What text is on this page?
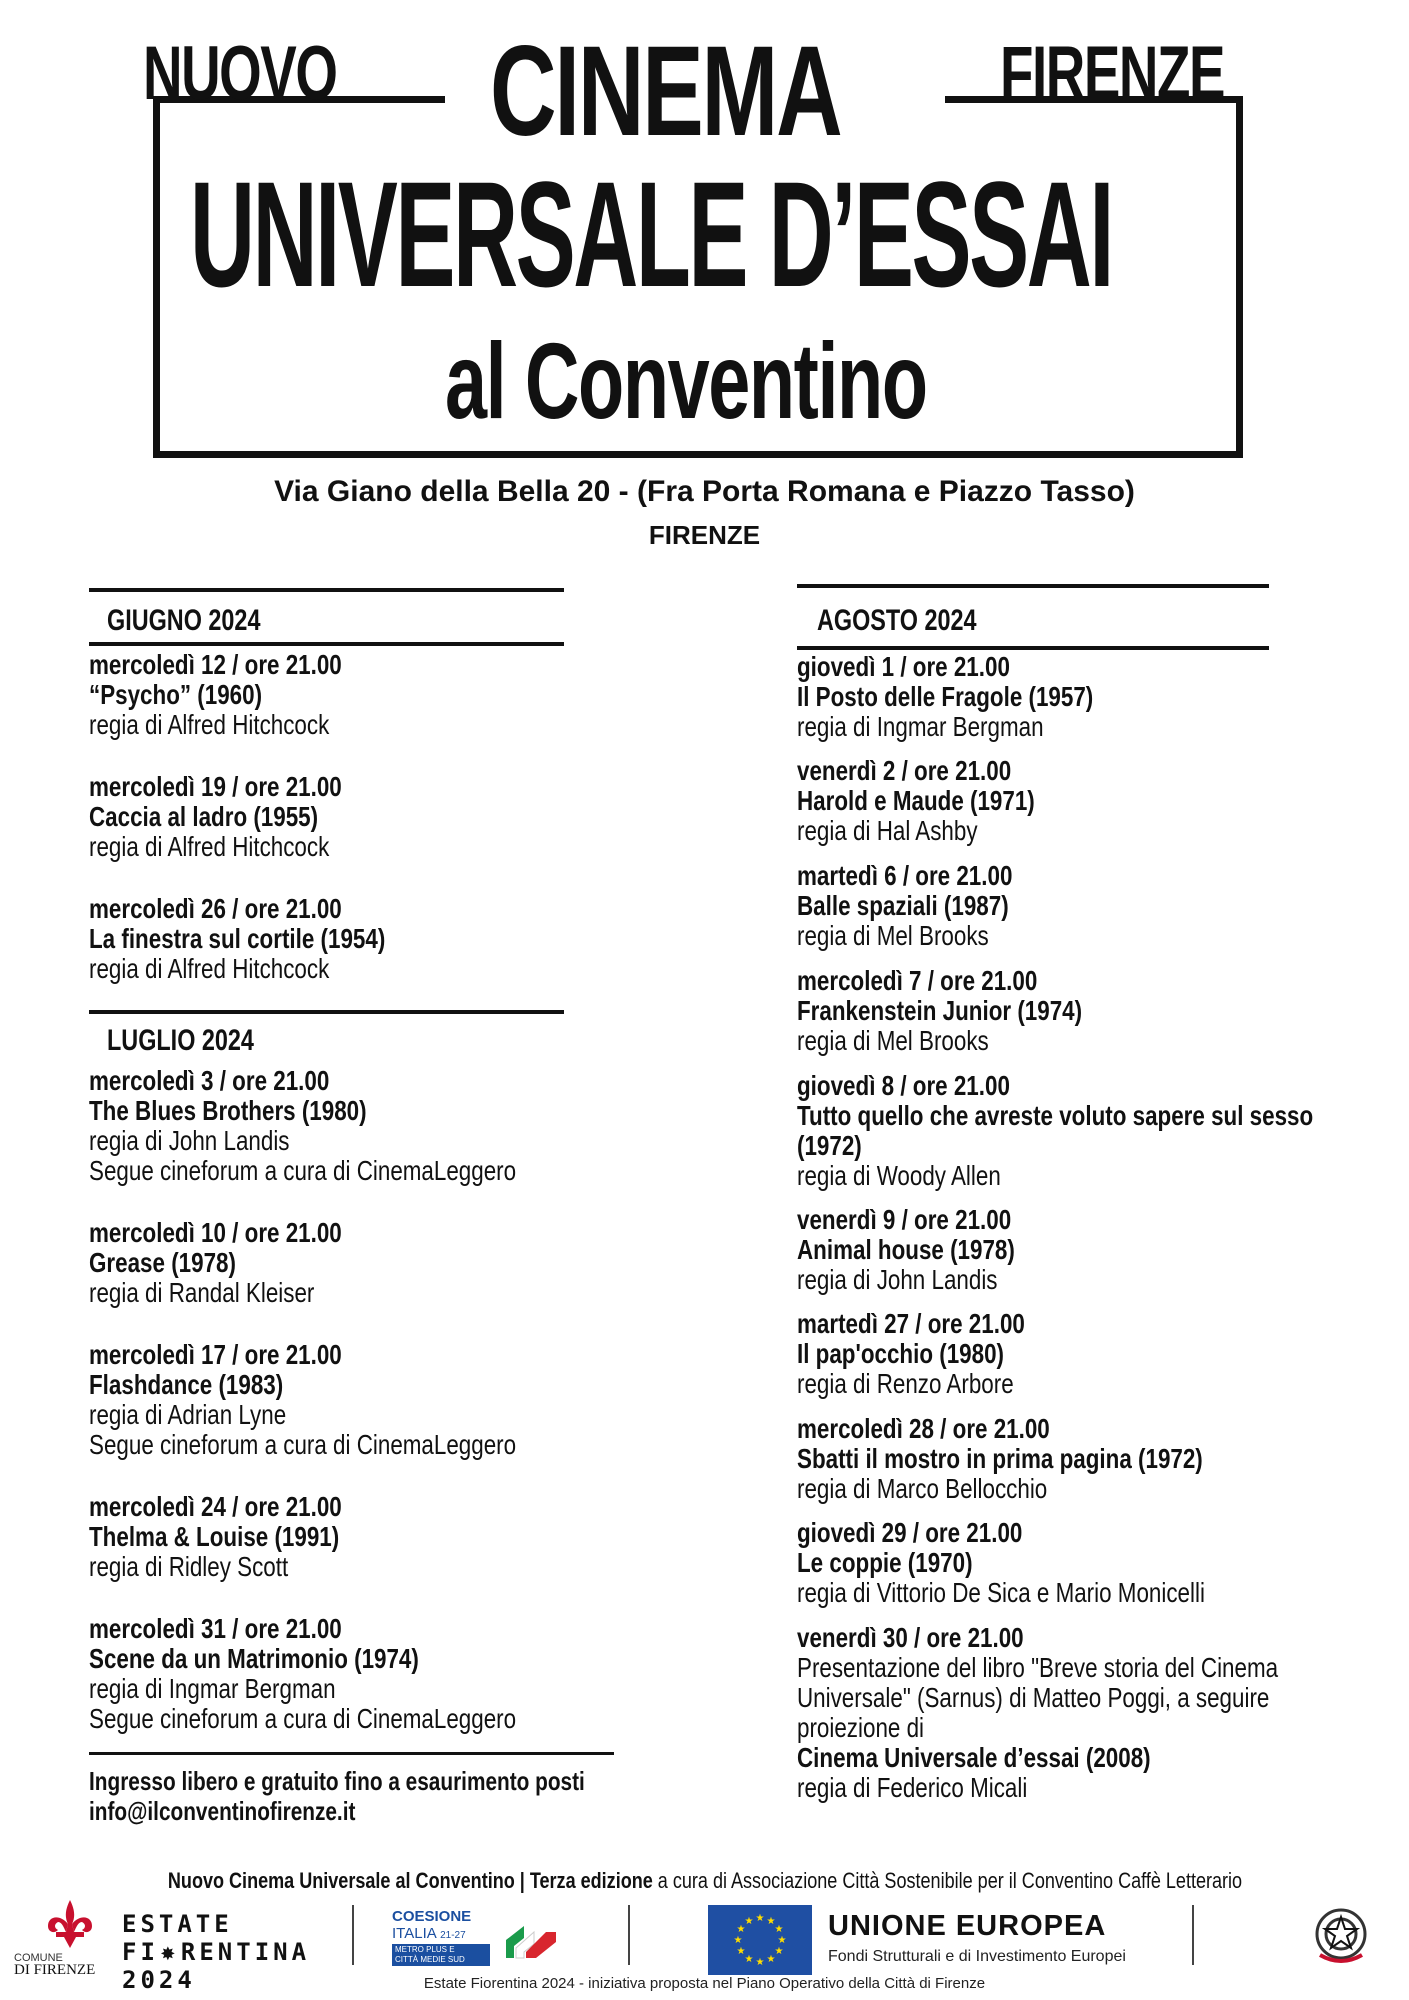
NUOVO	FIRENZE
CINEMA
UNIVERSALE D’ESSAI
al Conventino
Via Giano della Bella 20 - (Fra Porta Romana e Piazzo Tasso)
FIRENZE
GIUGNO 2024
mercoledì 12 / ore 21.00
“Psycho” (1960)
regia di Alfred Hitchcock
mercoledì 19 / ore 21.00
Caccia al ladro (1955)
regia di Alfred Hitchcock
mercoledì 26 / ore 21.00
La finestra sul cortile (1954)
regia di Alfred Hitchcock
LUGLIO 2024
mercoledì 3 / ore 21.00
The Blues Brothers (1980)
regia di John Landis
Segue cineforum a cura di CinemaLeggero
mercoledì 10 / ore 21.00
Grease (1978)
regia di Randal Kleiser
mercoledì 17 / ore 21.00
Flashdance (1983)
regia di Adrian Lyne
Segue cineforum a cura di CinemaLeggero
mercoledì 24 / ore 21.00
Thelma & Louise (1991)
regia di Ridley Scott
mercoledì 31 / ore 21.00
Scene da un Matrimonio (1974)
regia di Ingmar Bergman
Segue cineforum a cura di CinemaLeggero
Ingresso libero e gratuito fino a esaurimento posti
info@ilconventinofirenze.it
AGOSTO 2024
giovedì 1 / ore 21.00
Il Posto delle Fragole (1957)
regia di Ingmar Bergman
venerdì 2 / ore 21.00
Harold e Maude (1971)
regia di Hal Ashby
martedì 6 / ore 21.00
Balle spaziali (1987)
regia di Mel Brooks
mercoledì 7 / ore 21.00
Frankenstein Junior (1974)
regia di Mel Brooks
giovedì 8 / ore 21.00
Tutto quello che avreste voluto sapere sul sesso
(1972)
regia di Woody Allen
venerdì 9 / ore 21.00
Animal house (1978)
regia di John Landis
martedì 27 / ore 21.00
Il pap'occhio (1980)
regia di Renzo Arbore
mercoledì 28 / ore 21.00
Sbatti il mostro in prima pagina (1972)
regia di Marco Bellocchio
giovedì 29 / ore 21.00
Le coppie (1970)
regia di Vittorio De Sica e Mario Monicelli
venerdì 30 / ore 21.00
Presentazione del libro "Breve storia del Cinema
Universale" (Sarnus) di Matteo Poggi, a seguire
proiezione di
Cinema Universale d’essai (2008)
regia di Federico Micali
Nuovo Cinema Universale al Conventino | Terza edizione a cura di Associazione Città Sostenibile per il Conventino Caffè Letterario
COMUNE
DI FIRENZE
ESTATE
FI✸RENTINA
2024
COESIONE
ITALIA 21-27
METRO PLUS E
CITTÀ MEDIE SUD
★ ★
★
★
★
★
★
★
★
★
★
★	UNIONE EUROPEA
Fondi Strutturali e di Investimento Europei
Estate Fiorentina 2024 - iniziativa proposta nel Piano Operativo della Città di Firenze
